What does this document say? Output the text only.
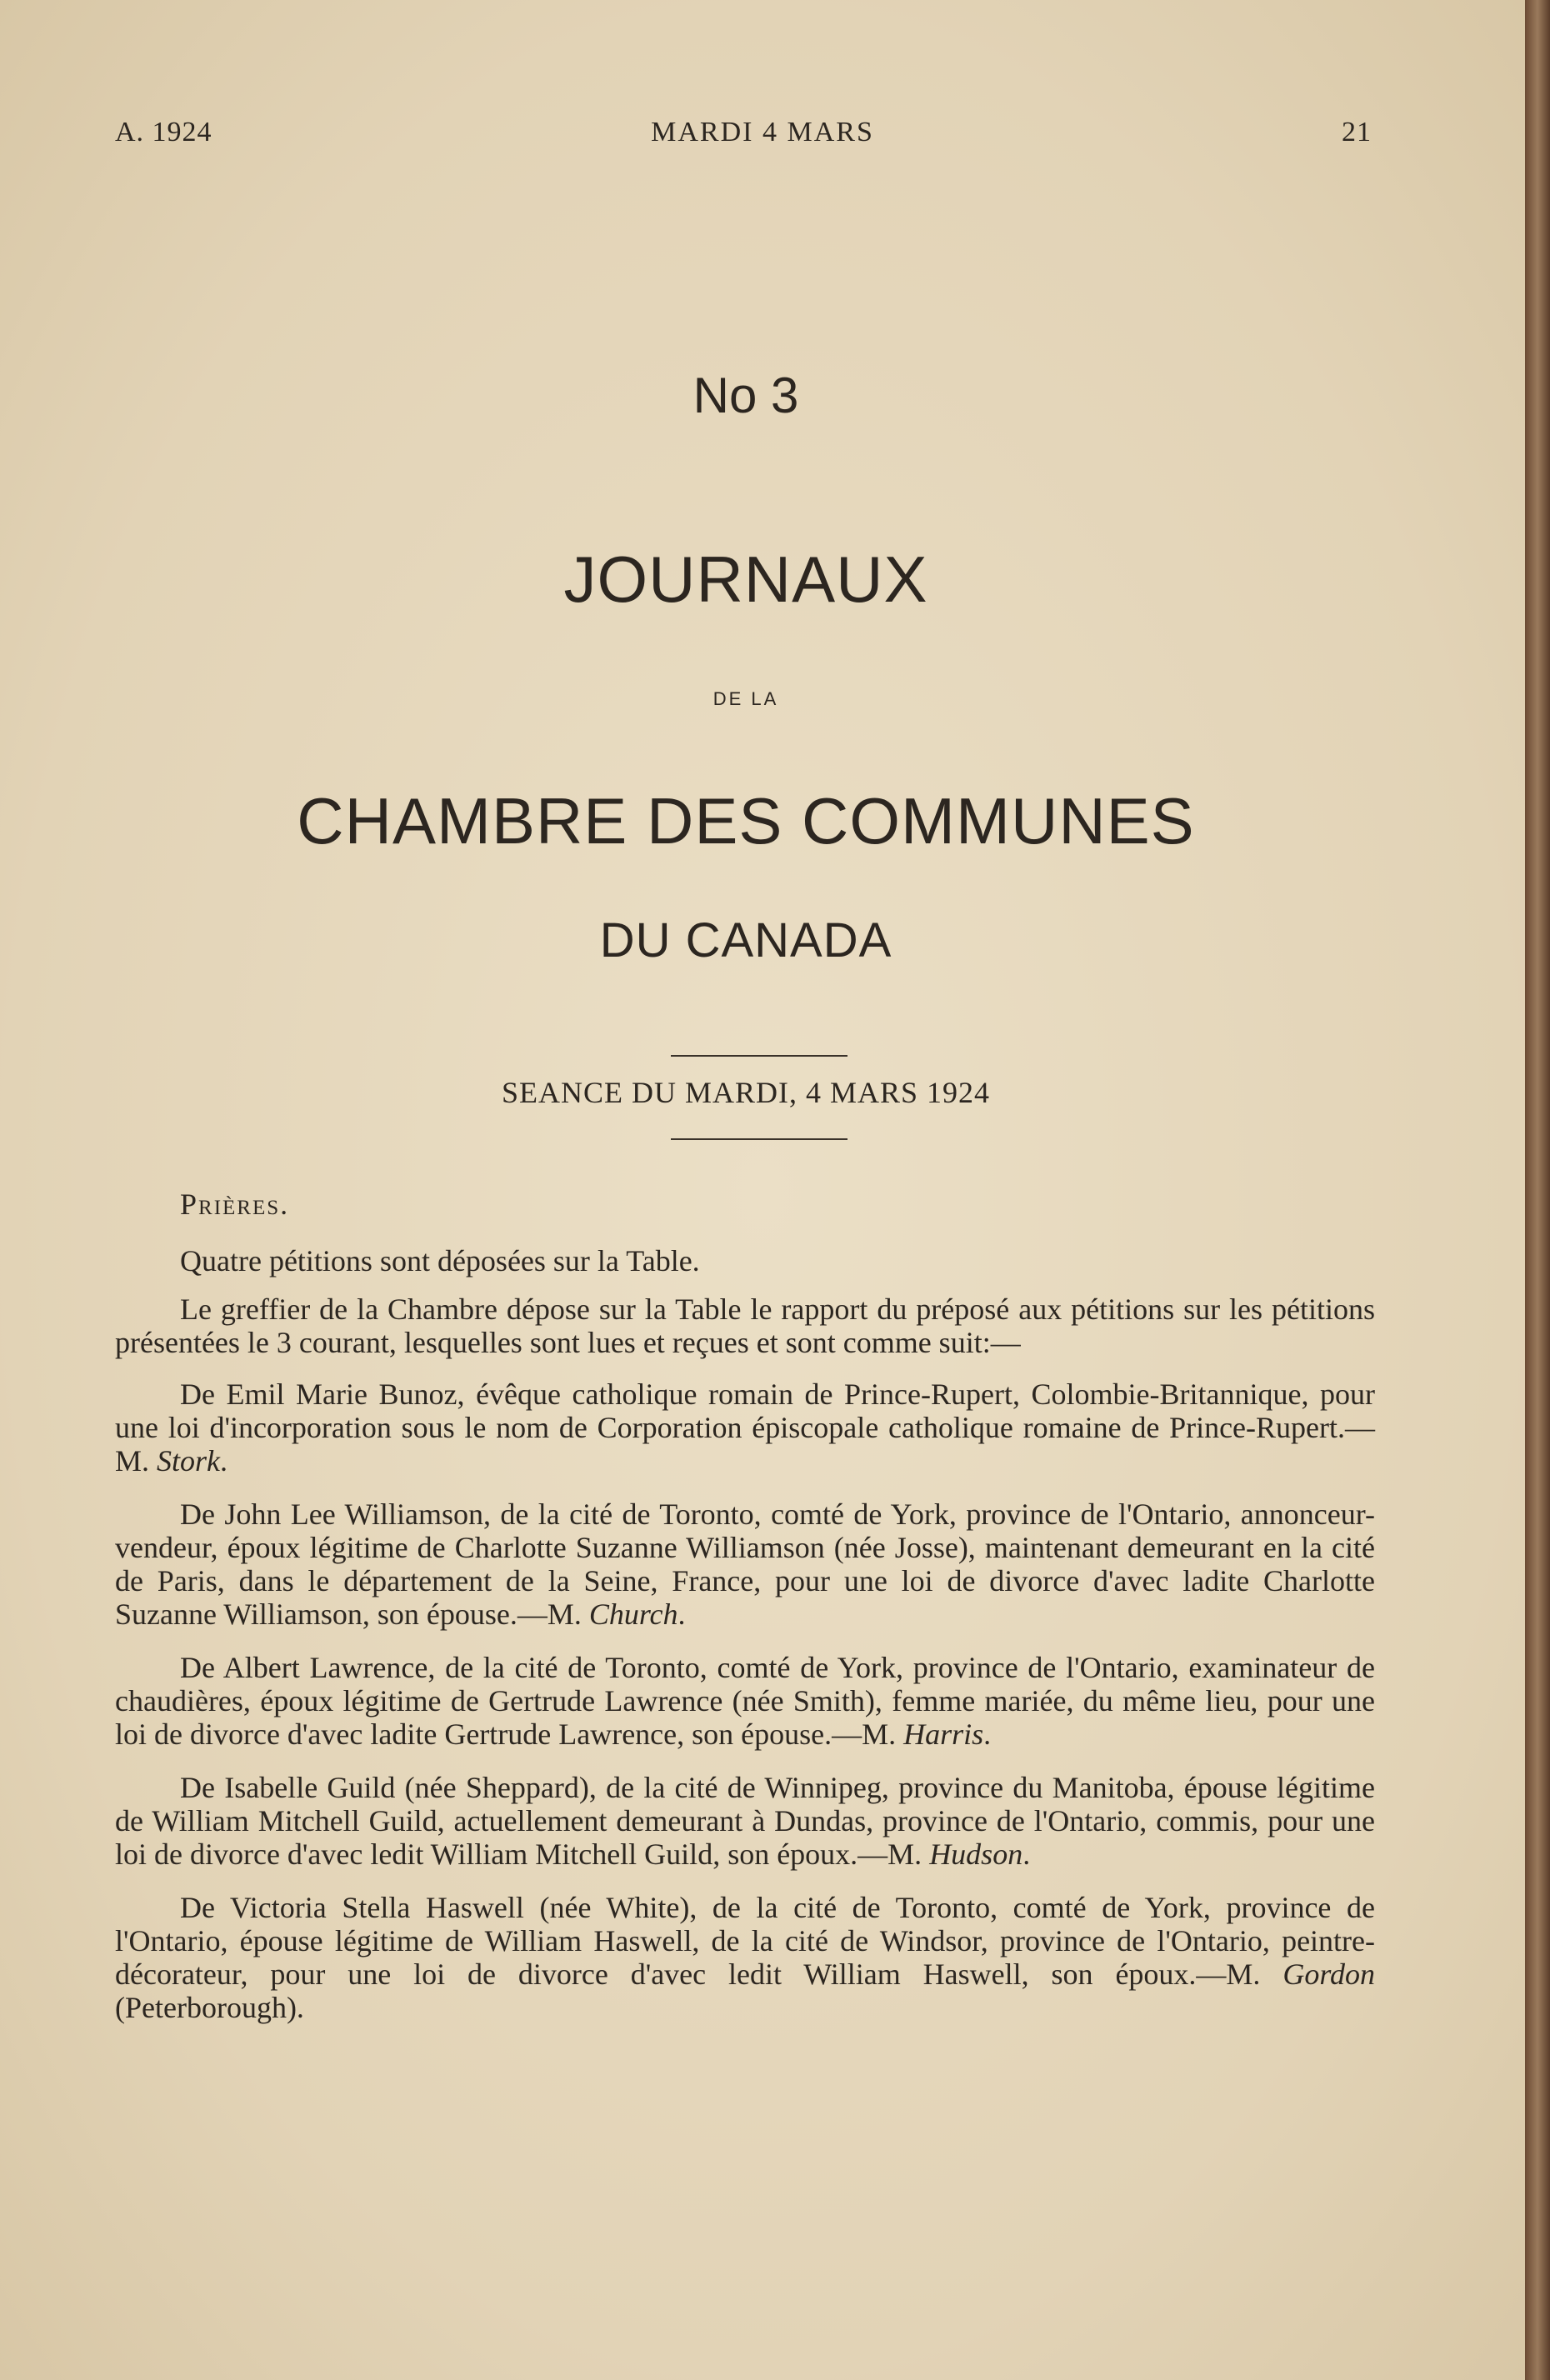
A. 1924	MARDI 4 MARS	21
No 3
JOURNAUX
DE LA
CHAMBRE DES COMMUNES
DU CANADA
SEANCE DU MARDI, 4 MARS 1924

Prières.

Quatre pétitions sont déposées sur la Table.

Le greffier de la Chambre dépose sur la Table le rapport du préposé aux pétitions sur les pétitions présentées le 3 courant, lesquelles sont lues et reçues et sont comme suit:—

De Emil Marie Bunoz, évêque catholique romain de Prince-Rupert, Colombie-Britannique, pour une loi d'incorporation sous le nom de Corporation épiscopale catholique romaine de Prince-Rupert.—M. Stork.

De John Lee Williamson, de la cité de Toronto, comté de York, province de l'Ontario, annonceur-vendeur, époux légitime de Charlotte Suzanne Williamson (née Josse), maintenant demeurant en la cité de Paris, dans le département de la Seine, France, pour une loi de divorce d'avec ladite Charlotte Suzanne Williamson, son épouse.—M. Church.

De Albert Lawrence, de la cité de Toronto, comté de York, province de l'Ontario, examinateur de chaudières, époux légitime de Gertrude Lawrence (née Smith), femme mariée, du même lieu, pour une loi de divorce d'avec ladite Gertrude Lawrence, son épouse.—M. Harris.

De Isabelle Guild (née Sheppard), de la cité de Winnipeg, province du Manitoba, épouse légitime de William Mitchell Guild, actuellement demeurant à Dundas, province de l'Ontario, commis, pour une loi de divorce d'avec ledit William Mitchell Guild, son époux.—M. Hudson.

De Victoria Stella Haswell (née White), de la cité de Toronto, comté de York, province de l'Ontario, épouse légitime de William Haswell, de la cité de Windsor, province de l'Ontario, peintre-décorateur, pour une loi de divorce d'avec ledit William Haswell, son époux.—M. Gordon (Peterborough).
